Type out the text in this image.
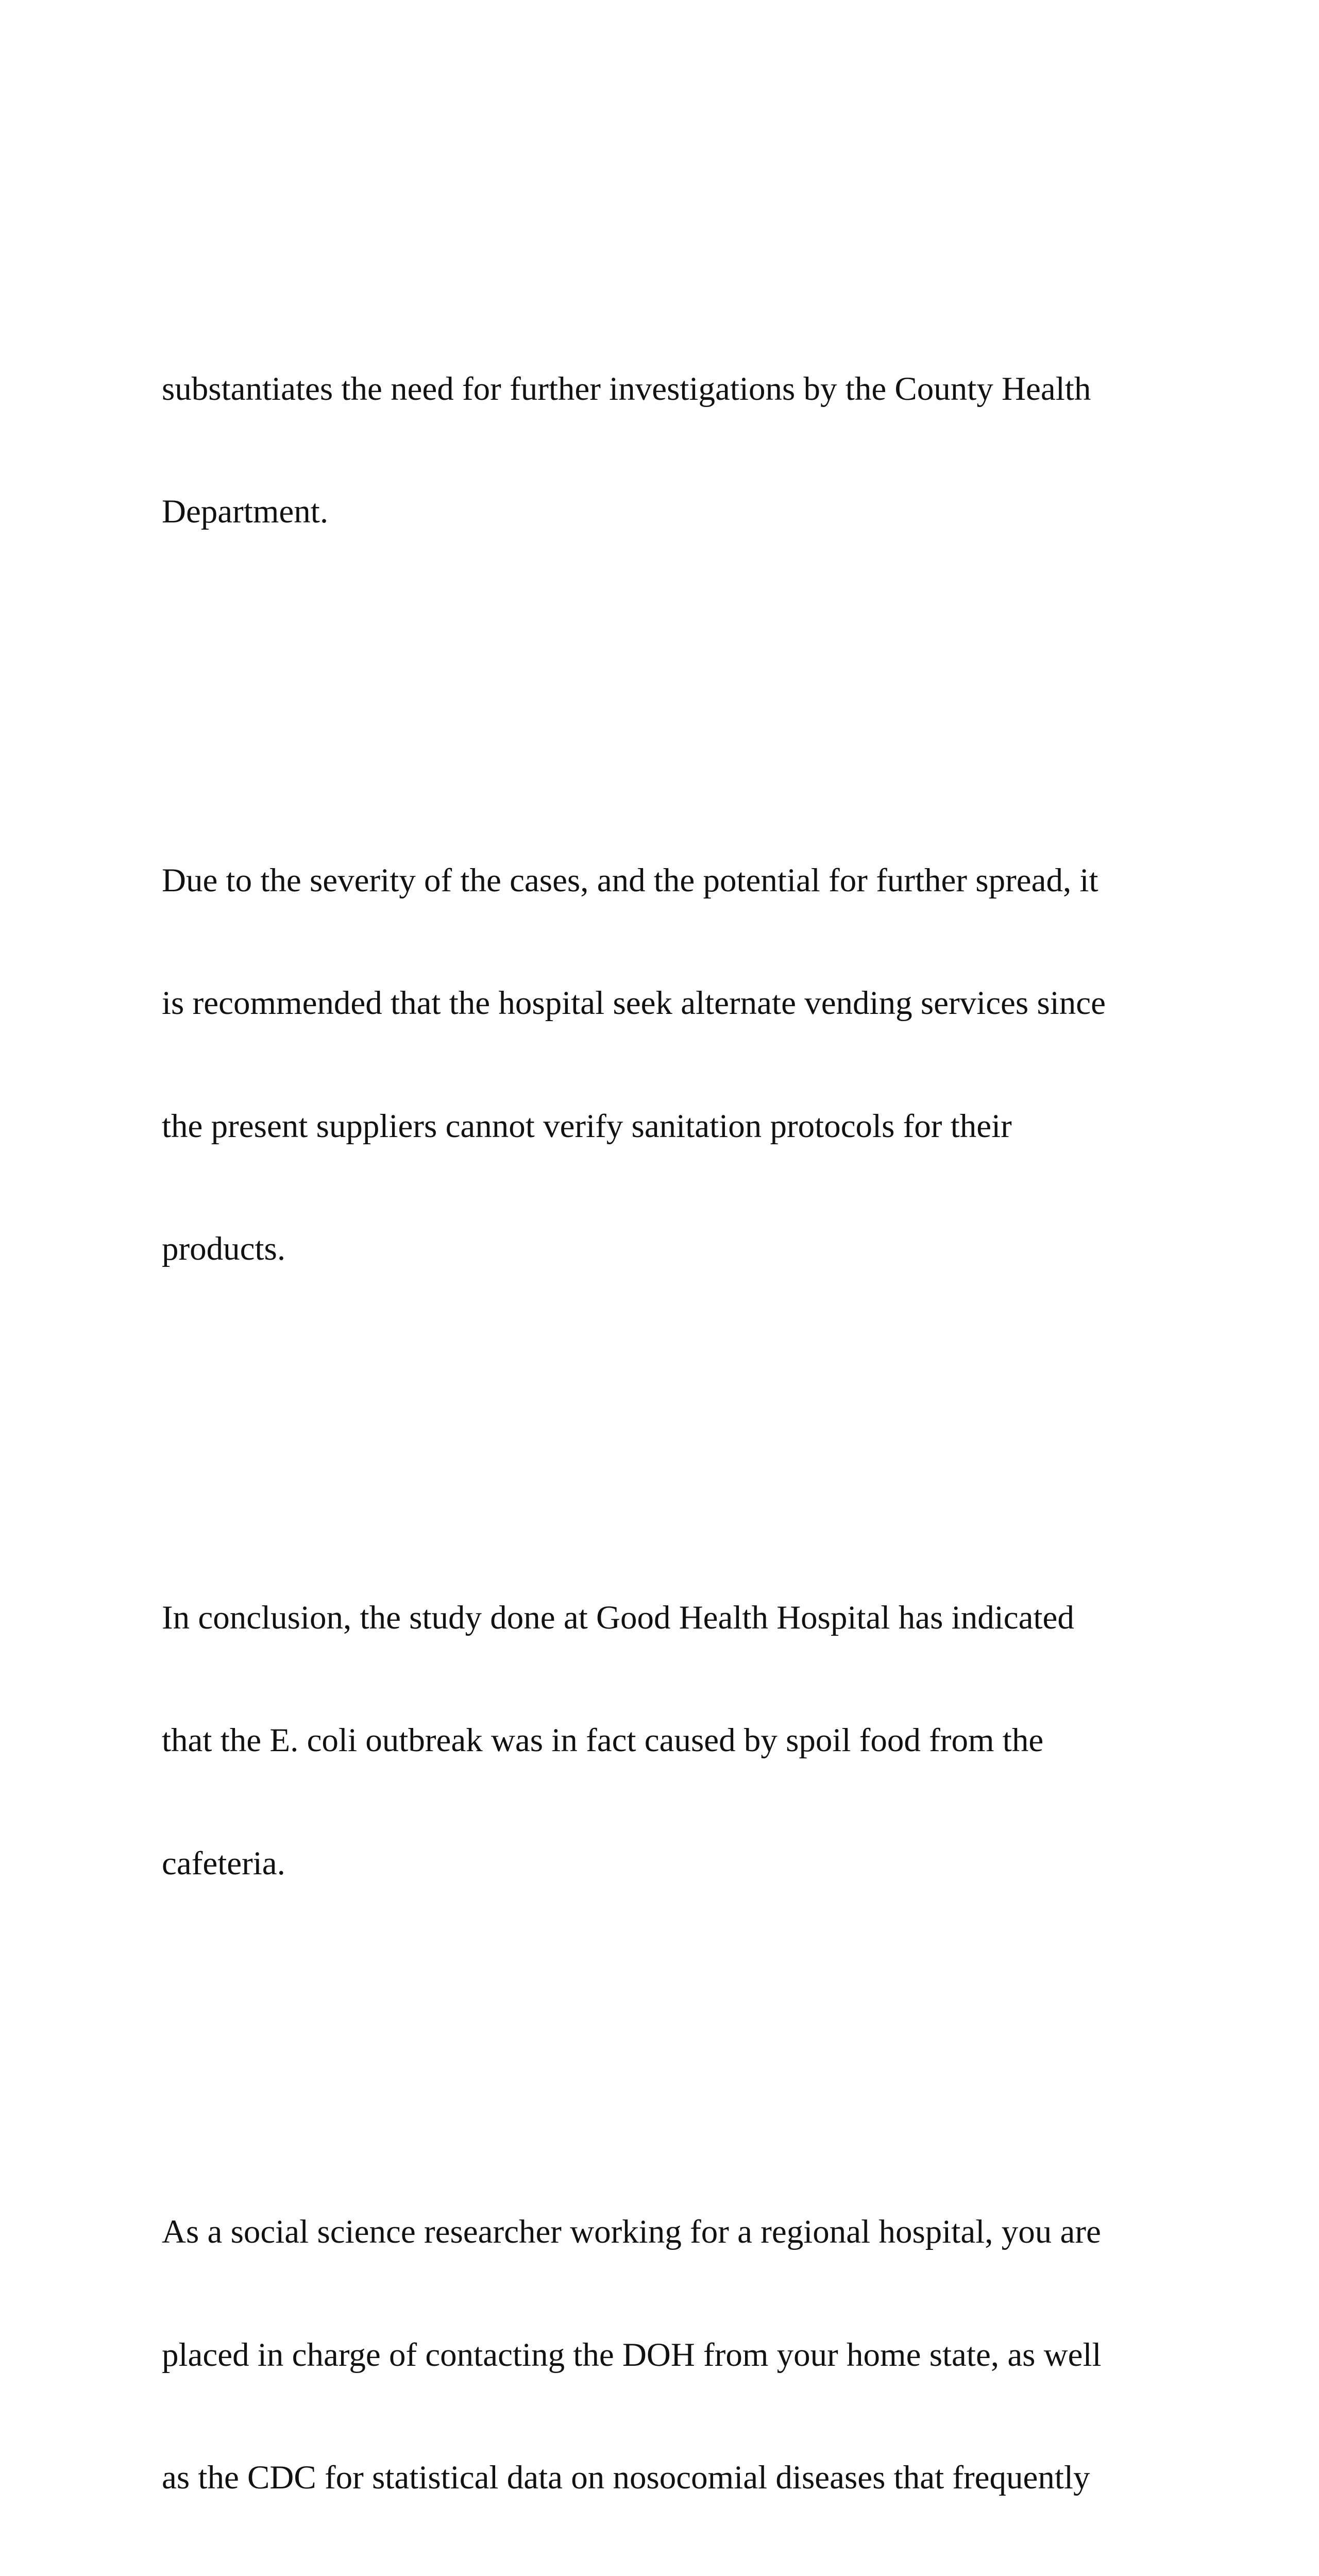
substantiates the need for further investigations by the County Health

Department.

Due to the severity of the cases, and the potential for further spread, it

is recommended that the hospital seek alternate vending services since

the present suppliers cannot verify sanitation protocols for their

products.

In conclusion, the study done at Good Health Hospital has indicated

that the E. coli outbreak was in fact caused by spoil food from the

cafeteria.

As a social science researcher working for a regional hospital, you are

placed in charge of contacting the DOH from your home state, as well

as the CDC for statistical data on nosocomial diseases that frequently
